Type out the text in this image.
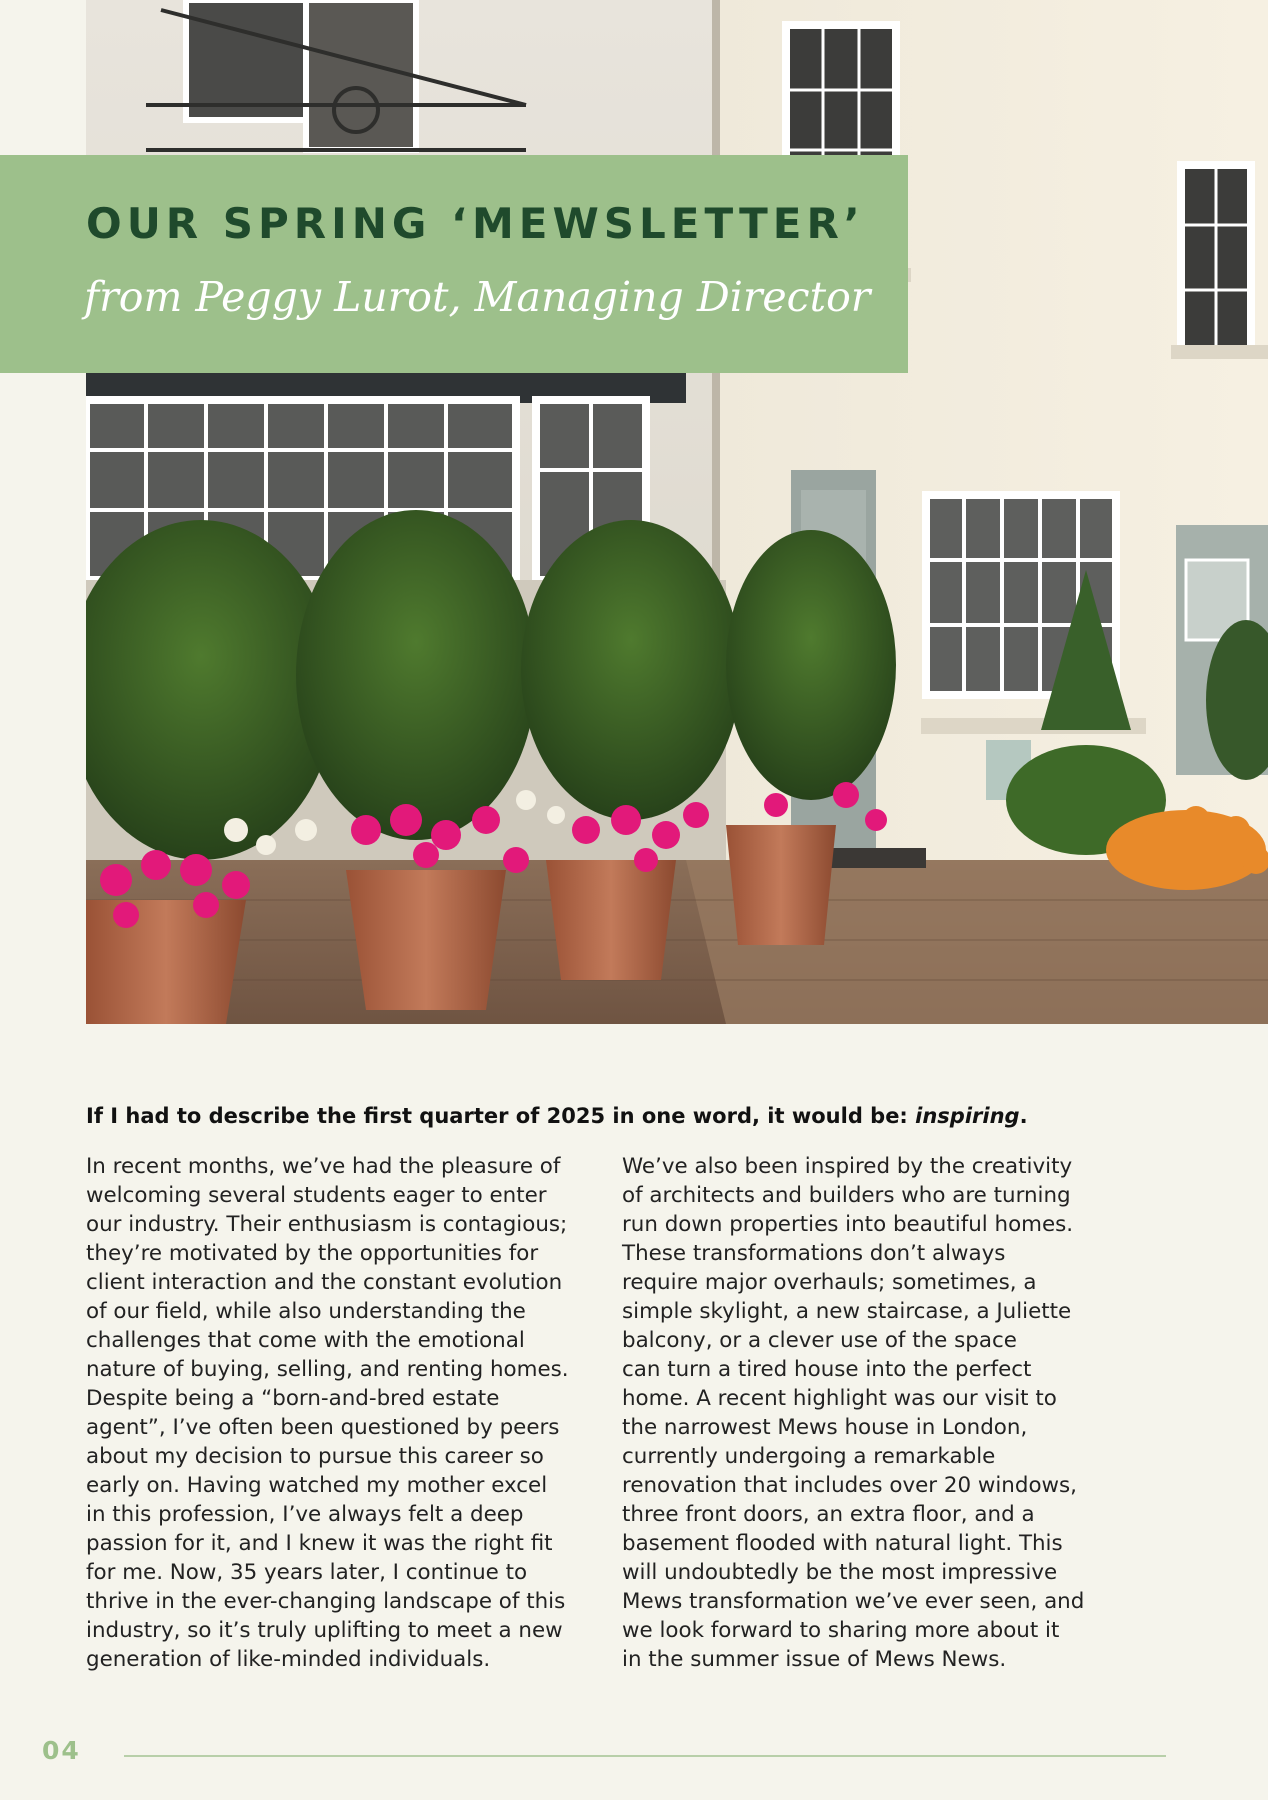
OUR SPRING ‘MEWSLETTER’
from Peggy Lurot, Managing Director
If I had to describe the first quarter of 2025 in one word, it would be: inspiring.
In recent months, we’ve had the pleasure of
welcoming several students eager to enter
our industry. Their enthusiasm is contagious;
they’re motivated by the opportunities for
client interaction and the constant evolution
of our field, while also understanding the
challenges that come with the emotional
nature of buying, selling, and renting homes.
Despite being a “born-and-bred estate
agent”, I’ve often been questioned by peers
about my decision to pursue this career so
early on. Having watched my mother excel
in this profession, I’ve always felt a deep
passion for it, and I knew it was the right fit
for me. Now, 35 years later, I continue to
thrive in the ever-changing landscape of this
industry, so it’s truly uplifting to meet a new
generation of like-minded individuals.
We’ve also been inspired by the creativity
of architects and builders who are turning
run down properties into beautiful homes.
These transformations don’t always
require major overhauls; sometimes, a
simple skylight, a new staircase, a Juliette
balcony, or a clever use of the space
can turn a tired house into the perfect
home. A recent highlight was our visit to
the narrowest Mews house in London,
currently undergoing a remarkable
renovation that includes over 20 windows,
three front doors, an extra floor, and a
basement flooded with natural light. This
will undoubtedly be the most impressive
Mews transformation we’ve ever seen, and
we look forward to sharing more about it
in the summer issue of Mews News.
04
